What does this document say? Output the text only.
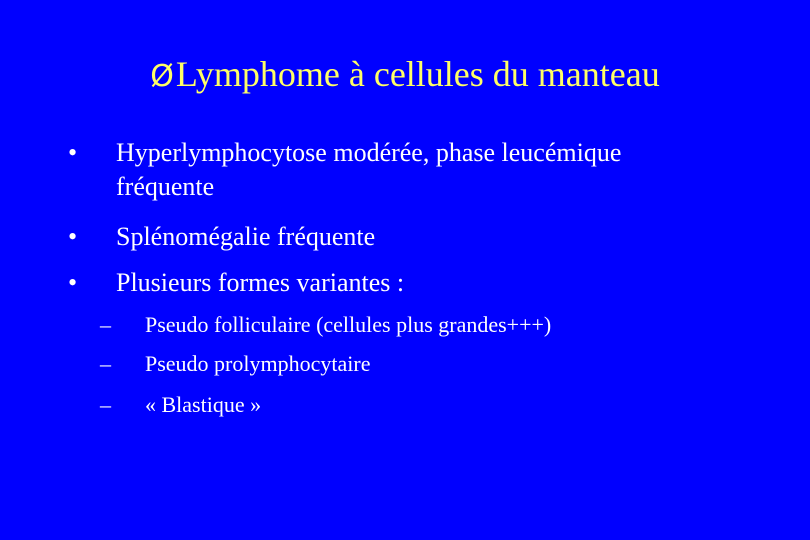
ØLymphome à cellules du manteau
• Hyperlymphocytose modérée, phase leucémique
fréquente
• Splénomégalie fréquente
• Plusieurs formes variantes :
– Pseudo folliculaire (cellules plus grandes+++)
– Pseudo prolymphocytaire
– « Blastique »
